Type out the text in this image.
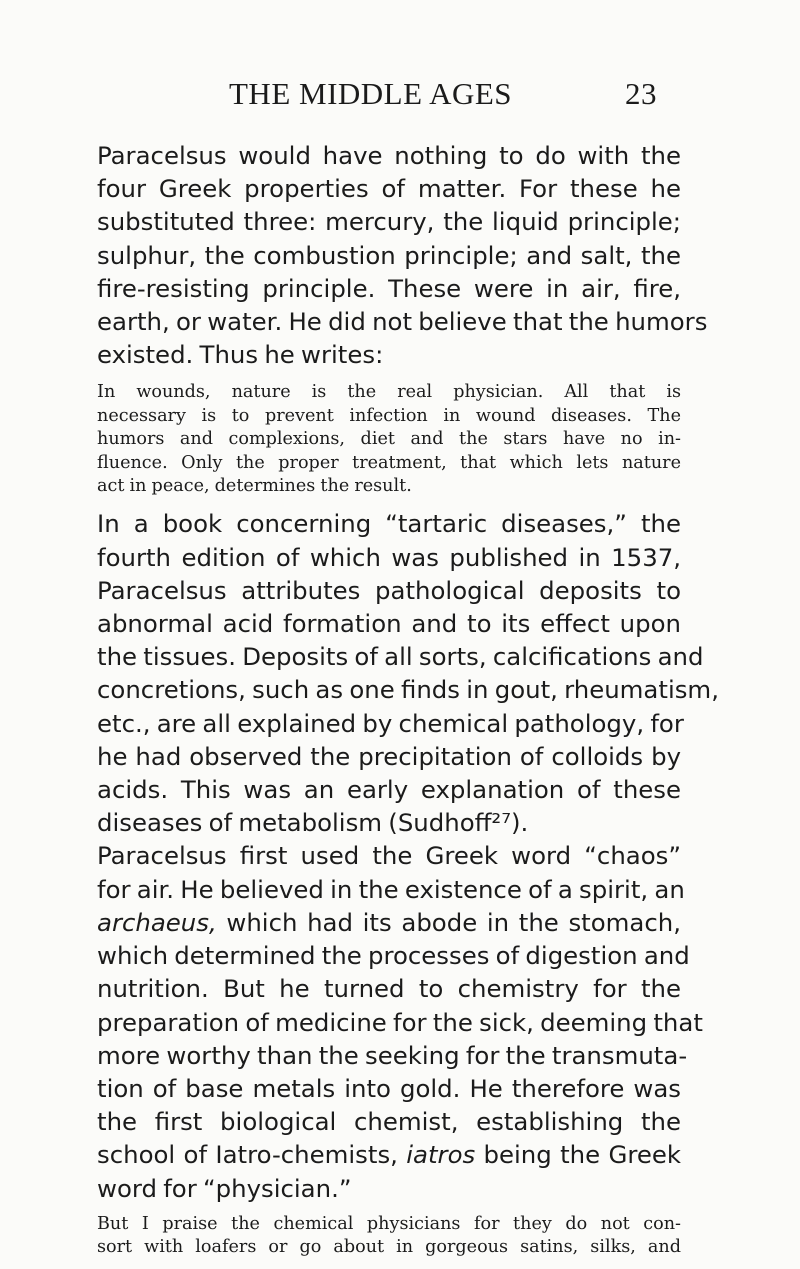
THE MIDDLE AGES	23
Paracelsus would have nothing to do with the
four Greek properties of matter. For these he
substituted three: mercury, the liquid principle;
sulphur, the combustion principle; and salt, the
fire-resisting principle. These were in air, fire,
earth, or water. He did not believe that the humors
existed. Thus he writes:
In wounds, nature is the real physician. All that is
necessary is to prevent infection in wound diseases. The
humors and complexions, diet and the stars have no in-
fluence. Only the proper treatment, that which lets nature
act in peace, determines the result.
In a book concerning “tartaric diseases,” the
fourth edition of which was published in 1537,
Paracelsus attributes pathological deposits to
abnormal acid formation and to its effect upon
the tissues. Deposits of all sorts, calcifications and
concretions, such as one finds in gout, rheumatism,
etc., are all explained by chemical pathology, for
he had observed the precipitation of colloids by
acids. This was an early explanation of these
diseases of metabolism (Sudhoff²⁷).
Paracelsus first used the Greek word “chaos”
for air. He believed in the existence of a spirit, an
archaeus, which had its abode in the stomach,
which determined the processes of digestion and
nutrition. But he turned to chemistry for the
preparation of medicine for the sick, deeming that
more worthy than the seeking for the transmuta-
tion of base metals into gold. He therefore was
the first biological chemist, establishing the
school of Iatro-chemists, iatros being the Greek
word for “physician.”
But I praise the chemical physicians for they do not con-
sort with loafers or go about in gorgeous satins, silks, and
